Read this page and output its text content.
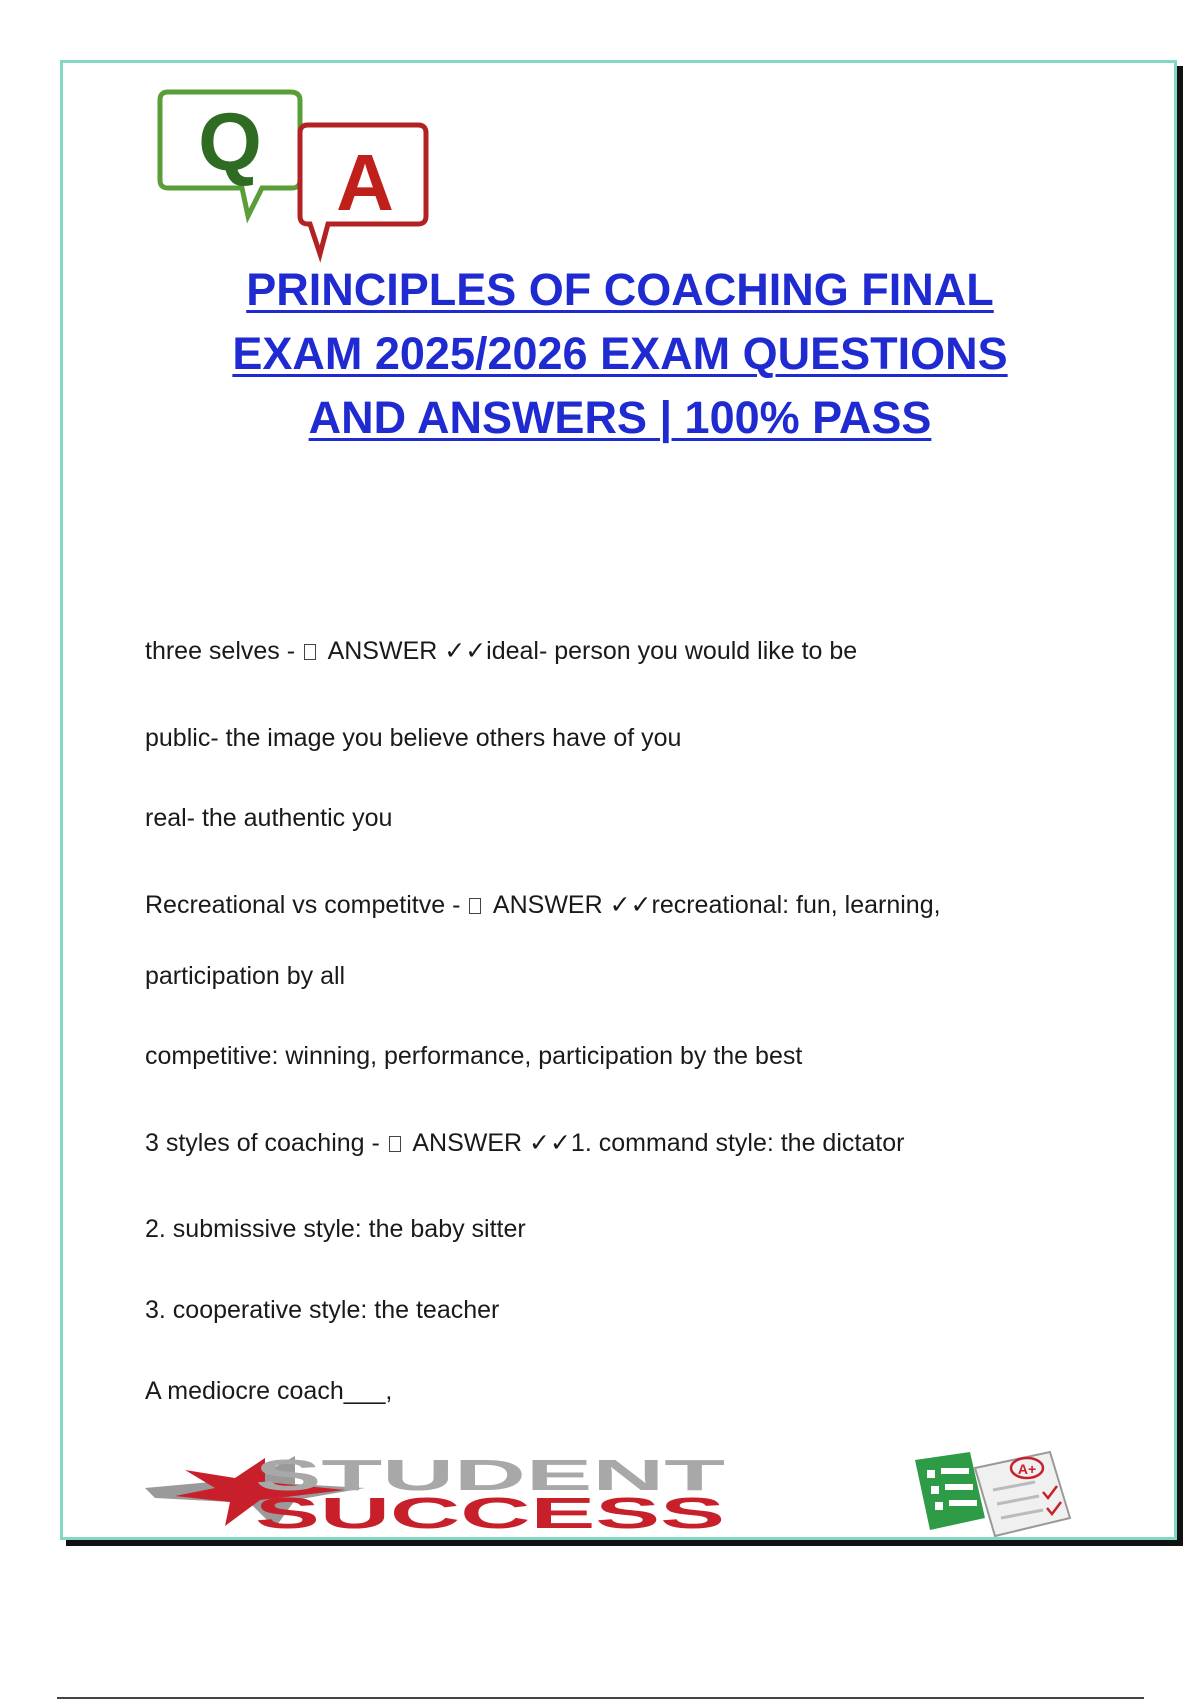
Q A
PRINCIPLES OF COACHING FINAL
EXAM 2025/2026 EXAM QUESTIONS
AND ANSWERS | 100% PASS
three selves -  ANSWER ✓✓ideal- person you would like to be
public- the image you believe others have of you
real- the authentic you
Recreational vs competitve -  ANSWER ✓✓recreational: fun, learning,
participation by all
competitive: winning, performance, participation by the best
3 styles of coaching -  ANSWER ✓✓1. command style: the dictator
2. submissive style: the baby sitter
3. cooperative style: the teacher
A mediocre coach___,
STUDENT
SUCCESS
A+
